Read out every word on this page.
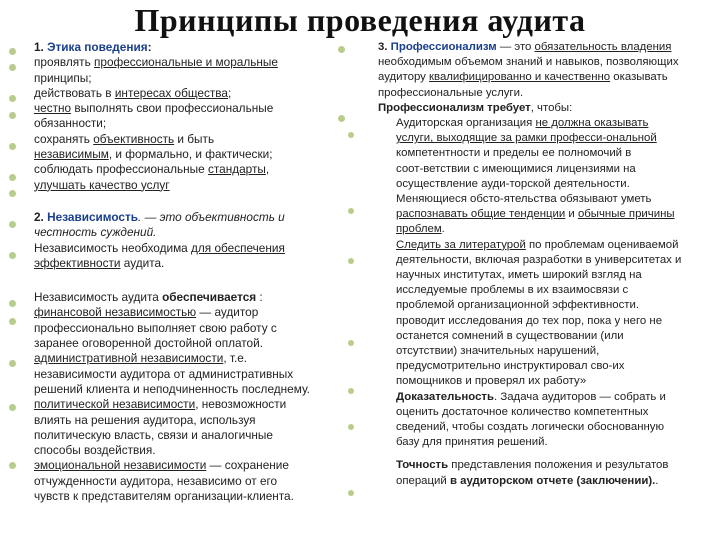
Принципы проведения аудита

1. Этика поведения:

проявлять профессиональные и моральные

принципы;

действовать в интересах общества;

честно выполнять свои профессиональные

обязанности;

сохранять объективность и быть

независимым, и формально, и фактически;

соблюдать профессиональные стандарты,

улучшать качество услуг

2. Независимость. — это объективность и

честность суждений.

Независимость необходима для обеспечения

эффективности аудита.

Независимость аудита обеспечивается :

финансовой независимостью — аудитор

профессионально выполняет свою работу с

заранее оговоренной достойной оплатой.

административной независимости, т.е.

независимости аудитора от административных

решений клиента и неподчиненность последнему.

политической независимости, невозможности

влиять на решения аудитора, используя

политическую власть, связи и аналогичные

способы воздействия.

эмоциональной независимости — сохранение

отчужденности аудитора, независимо от его

чувств к представителям организации-клиента.

3. Профессионализм — это обязательность владения

необходимым объемом знаний и навыков, позволяющих

аудитору квалифицированно и качественно оказывать

профессиональные услуги.

Профессионализм требует, чтобы:

Аудиторская организация не должна оказывать

услуги, выходящие за рамки професси-ональной

компетентности и пределы ее полномочий в

соот-ветствии с имеющимися лицензиями на

осуществление ауди-торской деятельности.

Меняющиеся обсто-ятельства обязывают уметь

распознавать общие тенденции и обычные причины

проблем.

Следить за литературой по проблемам оцениваемой

деятельности, включая разработки в университетах и

научных институтах, иметь широкий взгляд на

исследуемые проблемы в их взаимосвязи с

проблемой организационной эффективности.

проводит исследования до тех пор, пока у него не

останется сомнений в существовании (или

отсутствии) значительных нарушений,

предусмотрительно инструктировал сво-их

помощников и проверял их работу»

Доказательность. Задача аудиторов — собрать и

оценить достаточное количество компетентных

сведений, чтобы создать логически обоснованную

базу для принятия решений.

Точность представления положения и результатов

операций в аудиторском отчете (заключении)..
